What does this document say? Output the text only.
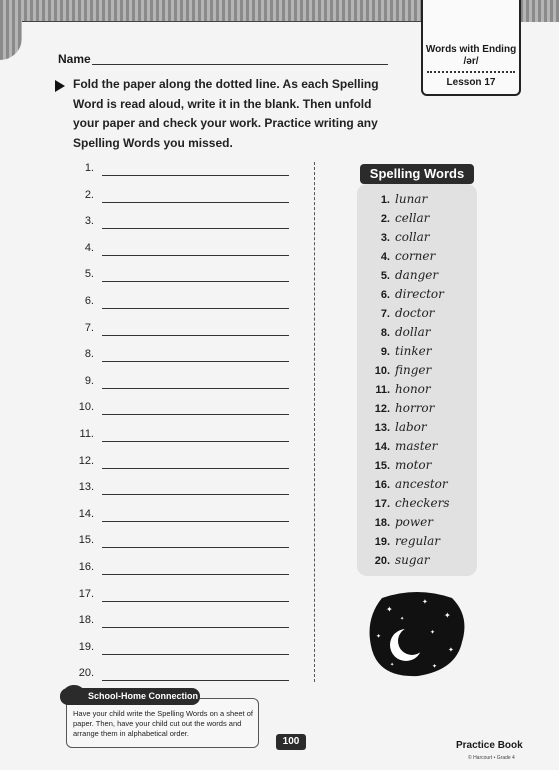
Words with Ending
/ər/
Lesson 17
Name
Fold the paper along the dotted line. As each Spelling Word is read aloud, write it in the blank. Then unfold your paper and check your work. Practice writing any Spelling Words you missed.
1.
2.
3.
4.
5.
6.
7.
8.
9.
10.
11.
12.
13.
14.
15.
16.
17.
18.
19.
20.
Spelling Words
1. lunar
2. cellar
3. collar
4. corner
5. danger
6. director
7. doctor
8. dollar
9. tinker
10. finger
11. honor
12. horror
13. labor
14. master
15. motor
16. ancestor
17. checkers
18. power
19. regular
20. sugar
✦
✦
✦
✦
✦
✦
✦
✦
✦
School-Home Connection
Have your child write the Spelling Words on a sheet of paper. Then, have your child cut out the words and arrange them in alphabetical order.
100	Practice Book
© Harcourt • Grade 4
